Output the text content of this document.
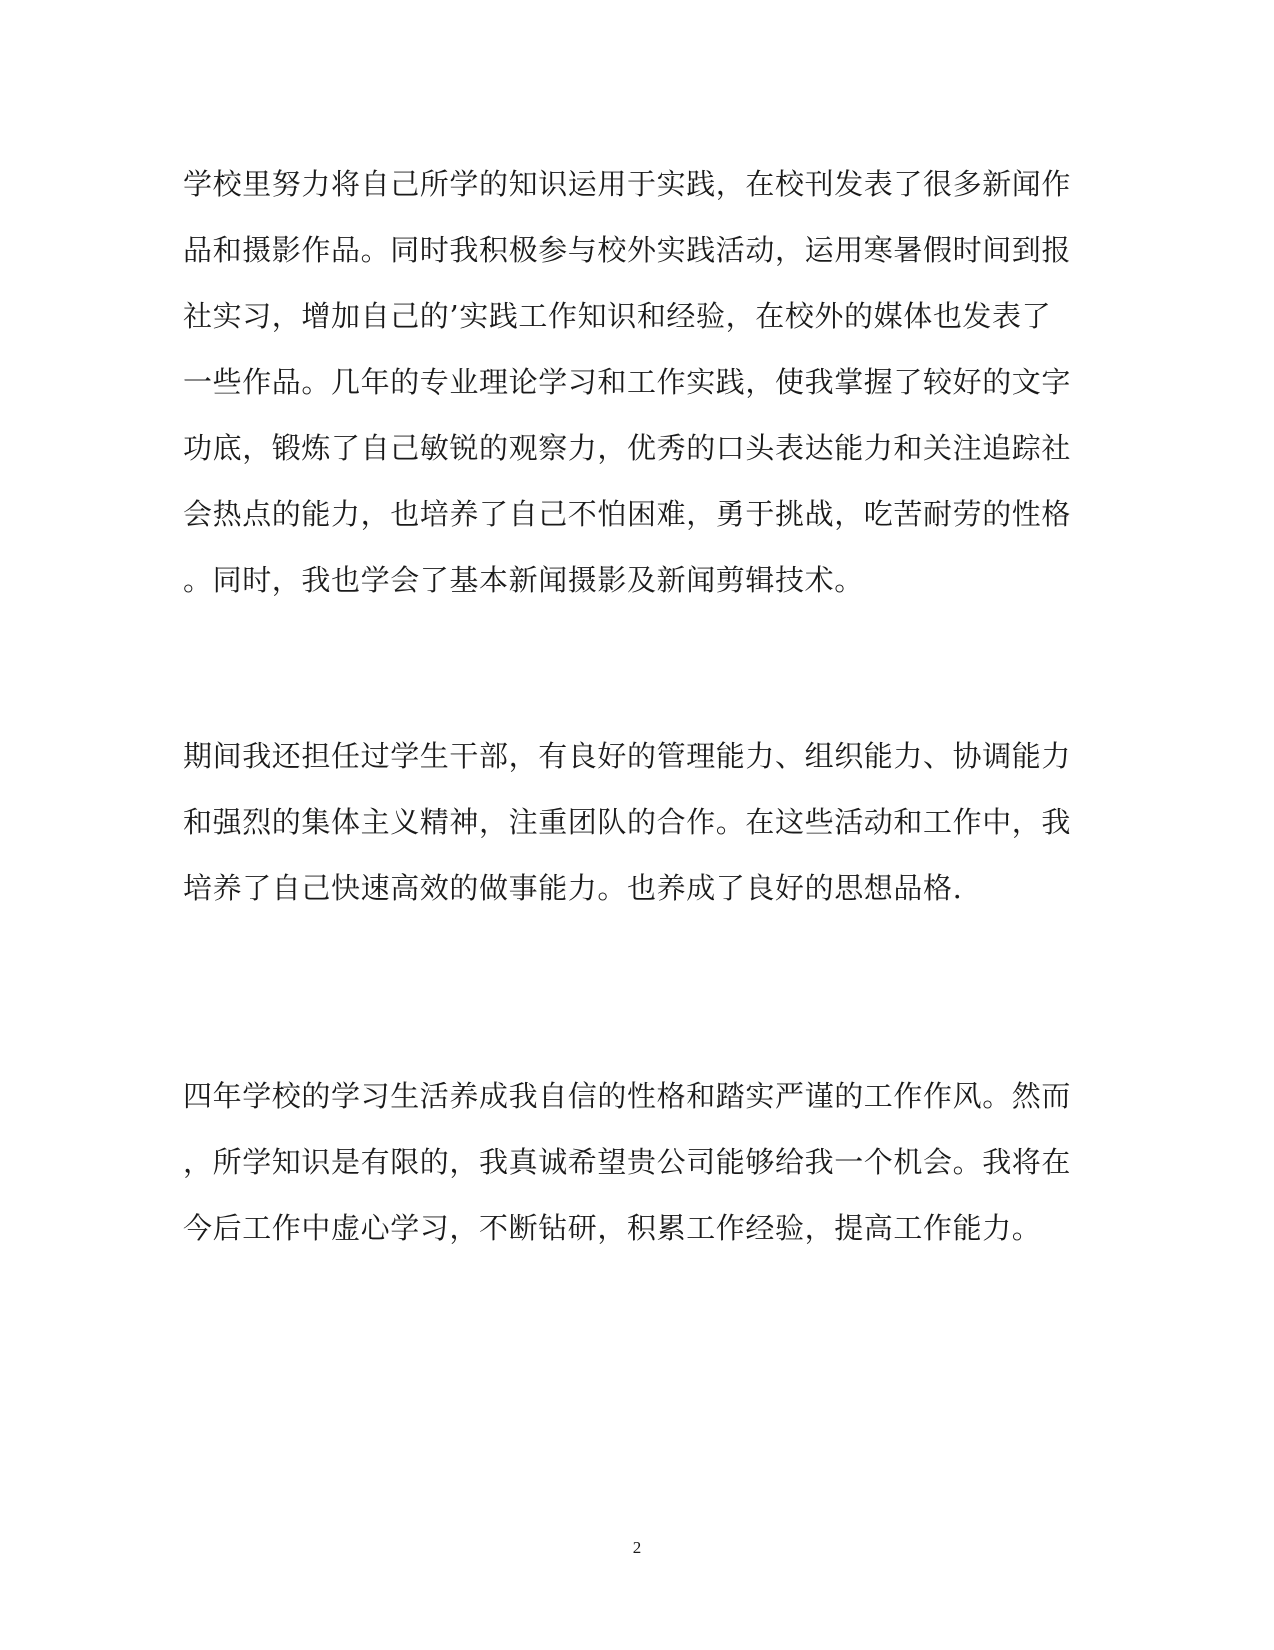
学校里努力将自己所学的知识运用于实践，在校刊发表了很多新闻作
品和摄影作品。同时我积极参与校外实践活动，运用寒暑假时间到报
社实习，增加自己的’实践工作知识和经验，在校外的媒体也发表了
一些作品。几年的专业理论学习和工作实践，使我掌握了较好的文字
功底，锻炼了自己敏锐的观察力，优秀的口头表达能力和关注追踪社
会热点的能力，也培养了自己不怕困难，勇于挑战，吃苦耐劳的性格
。同时，我也学会了基本新闻摄影及新闻剪辑技术。
期间我还担任过学生干部，有良好的管理能力、组织能力、协调能力
和强烈的集体主义精神，注重团队的合作。在这些活动和工作中，我
培养了自己快速高效的做事能力。也养成了良好的思想品格.
四年学校的学习生活养成我自信的性格和踏实严谨的工作作风。然而
，所学知识是有限的，我真诚希望贵公司能够给我一个机会。我将在
今后工作中虚心学习，不断钻研，积累工作经验，提高工作能力。
2
